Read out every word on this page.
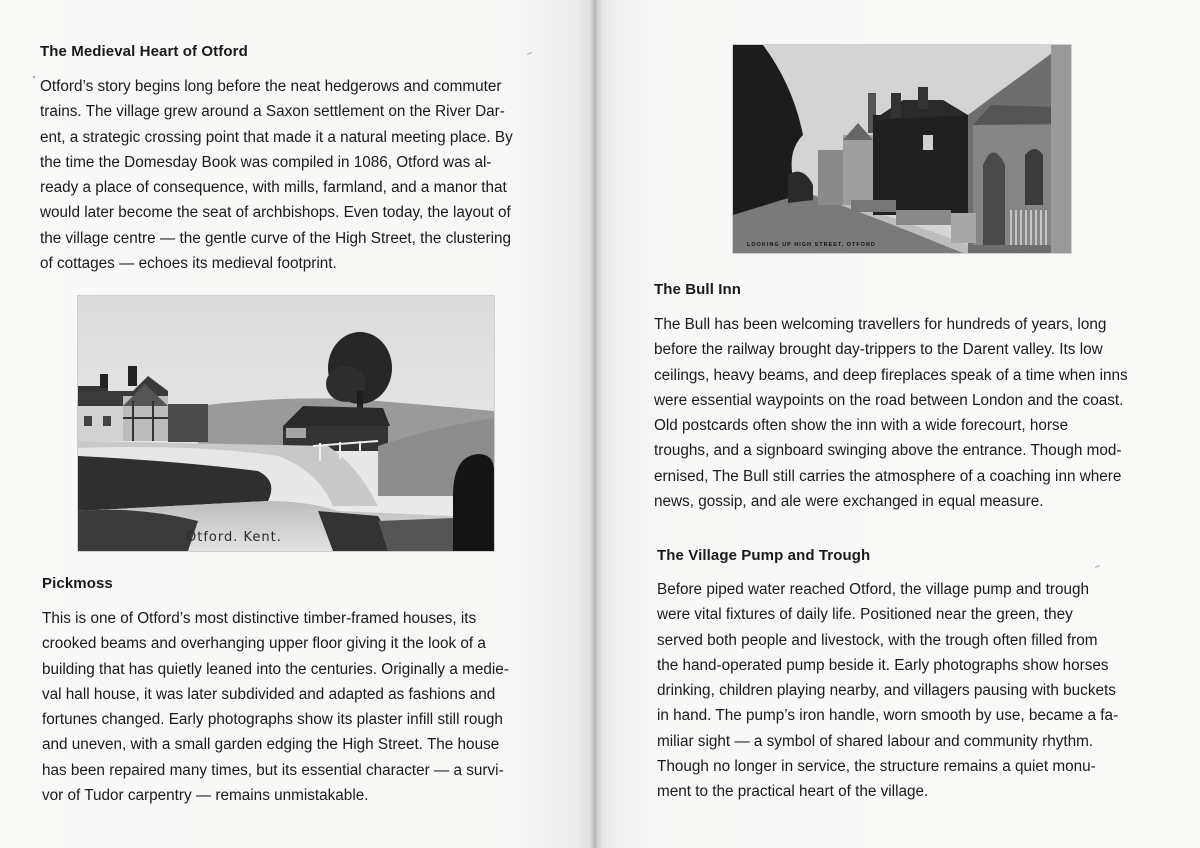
The Medieval Heart of Otford
Otford’s story begins long before the neat hedgerows and commuter
trains. The village grew around a Saxon settlement on the River Dar-
ent, a strategic crossing point that made it a natural meeting place. By
the time the Domesday Book was compiled in 1086, Otford was al-
ready a place of consequence, with mills, farmland, and a manor that
would later become the seat of archbishops. Even today, the layout of
the village centre — the gentle curve of the High Street, the clustering
of cottages — echoes its medieval footprint.
Otford. Kent.
Pickmoss
This is one of Otford’s most distinctive timber-framed houses, its
crooked beams and overhanging upper floor giving it the look of a
building that has quietly leaned into the centuries. Originally a medie-
val hall house, it was later subdivided and adapted as fashions and
fortunes changed. Early photographs show its plaster infill still rough
and uneven, with a small garden edging the High Street. The house
has been repaired many times, but its essential character — a survi-
vor of Tudor carpentry — remains unmistakable.
LOOKING UP HIGH STREET, OTFORD
The Bull Inn
The Bull has been welcoming travellers for hundreds of years, long
before the railway brought day-trippers to the Darent valley. Its low
ceilings, heavy beams, and deep fireplaces speak of a time when inns
were essential waypoints on the road between London and the coast.
Old postcards often show the inn with a wide forecourt, horse
troughs, and a signboard swinging above the entrance. Though mod-
ernised, The Bull still carries the atmosphere of a coaching inn where
news, gossip, and ale were exchanged in equal measure.
The Village Pump and Trough
Before piped water reached Otford, the village pump and trough
were vital fixtures of daily life. Positioned near the green, they
served both people and livestock, with the trough often filled from
the hand-operated pump beside it. Early photographs show horses
drinking, children playing nearby, and villagers pausing with buckets
in hand. The pump’s iron handle, worn smooth by use, became a fa-
miliar sight — a symbol of shared labour and community rhythm.
Though no longer in service, the structure remains a quiet monu-
ment to the practical heart of the village.
